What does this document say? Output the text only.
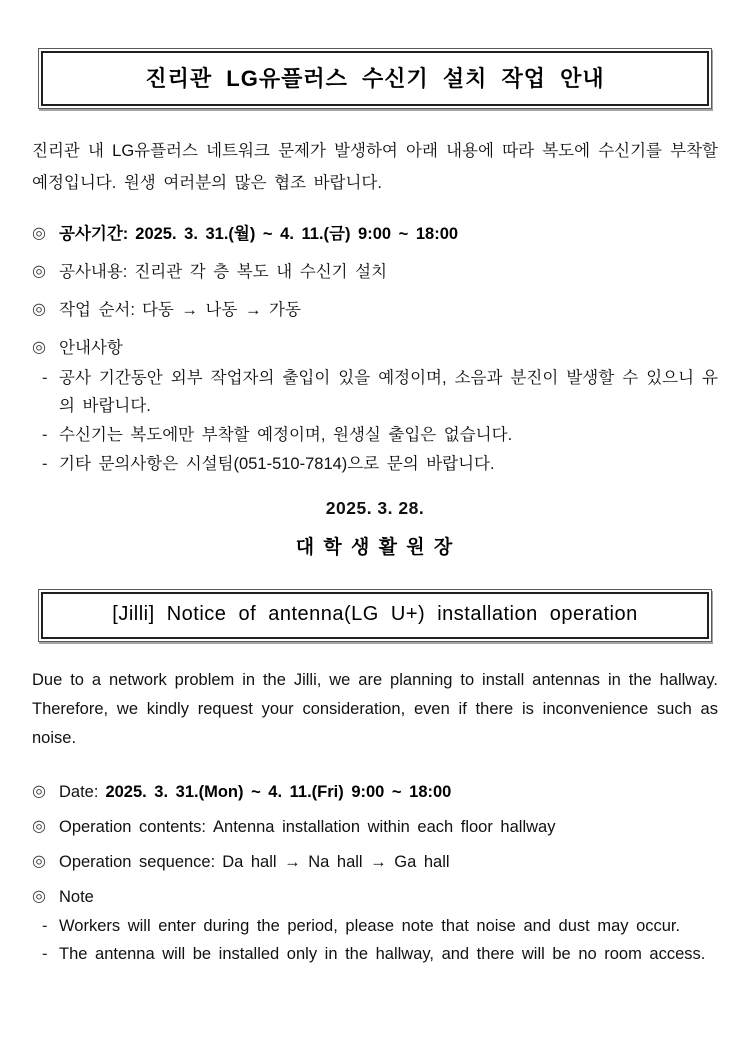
진리관 LG유플러스 수신기 설치 작업 안내

진리관 내 LG유플러스 네트워크 문제가 발생하여 아래 내용에 따라 복도에 수신기를 부착할 예정입니다. 원생 여러분의 많은 협조 바랍니다.

◎ 공사기간: 2025. 3. 31.(월) ~ 4. 11.(금) 9:00 ~ 18:00
◎ 공사내용: 진리관 각 층 복도 내 수신기 설치
◎ 작업 순서: 다동 → 나동 → 가동
◎ 안내사항
- 공사 기간동안 외부 작업자의 출입이 있을 예정이며, 소음과 분진이 발생할 수 있으니 유의 바랍니다.
- 수신기는 복도에만 부착할 예정이며, 원생실 출입은 없습니다.
- 기타 문의사항은 시설팀(051-510-7814)으로 문의 바랍니다.
2025. 3. 28.
대 학 생 활 원 장
[Jilli] Notice of antenna(LG U+) installation operation

Due to a network problem in the Jilli, we are planning to install antennas in the hallway. Therefore, we kindly request your consideration, even if there is inconvenience such as noise.

◎ Date: 2025. 3. 31.(Mon) ~ 4. 11.(Fri) 9:00 ~ 18:00
◎ Operation contents: Antenna installation within each floor hallway
◎ Operation sequence: Da hall → Na hall → Ga hall
◎ Note
- Workers will enter during the period, please note that noise and dust may occur.
- The antenna will be installed only in the hallway, and there will be no room access.
